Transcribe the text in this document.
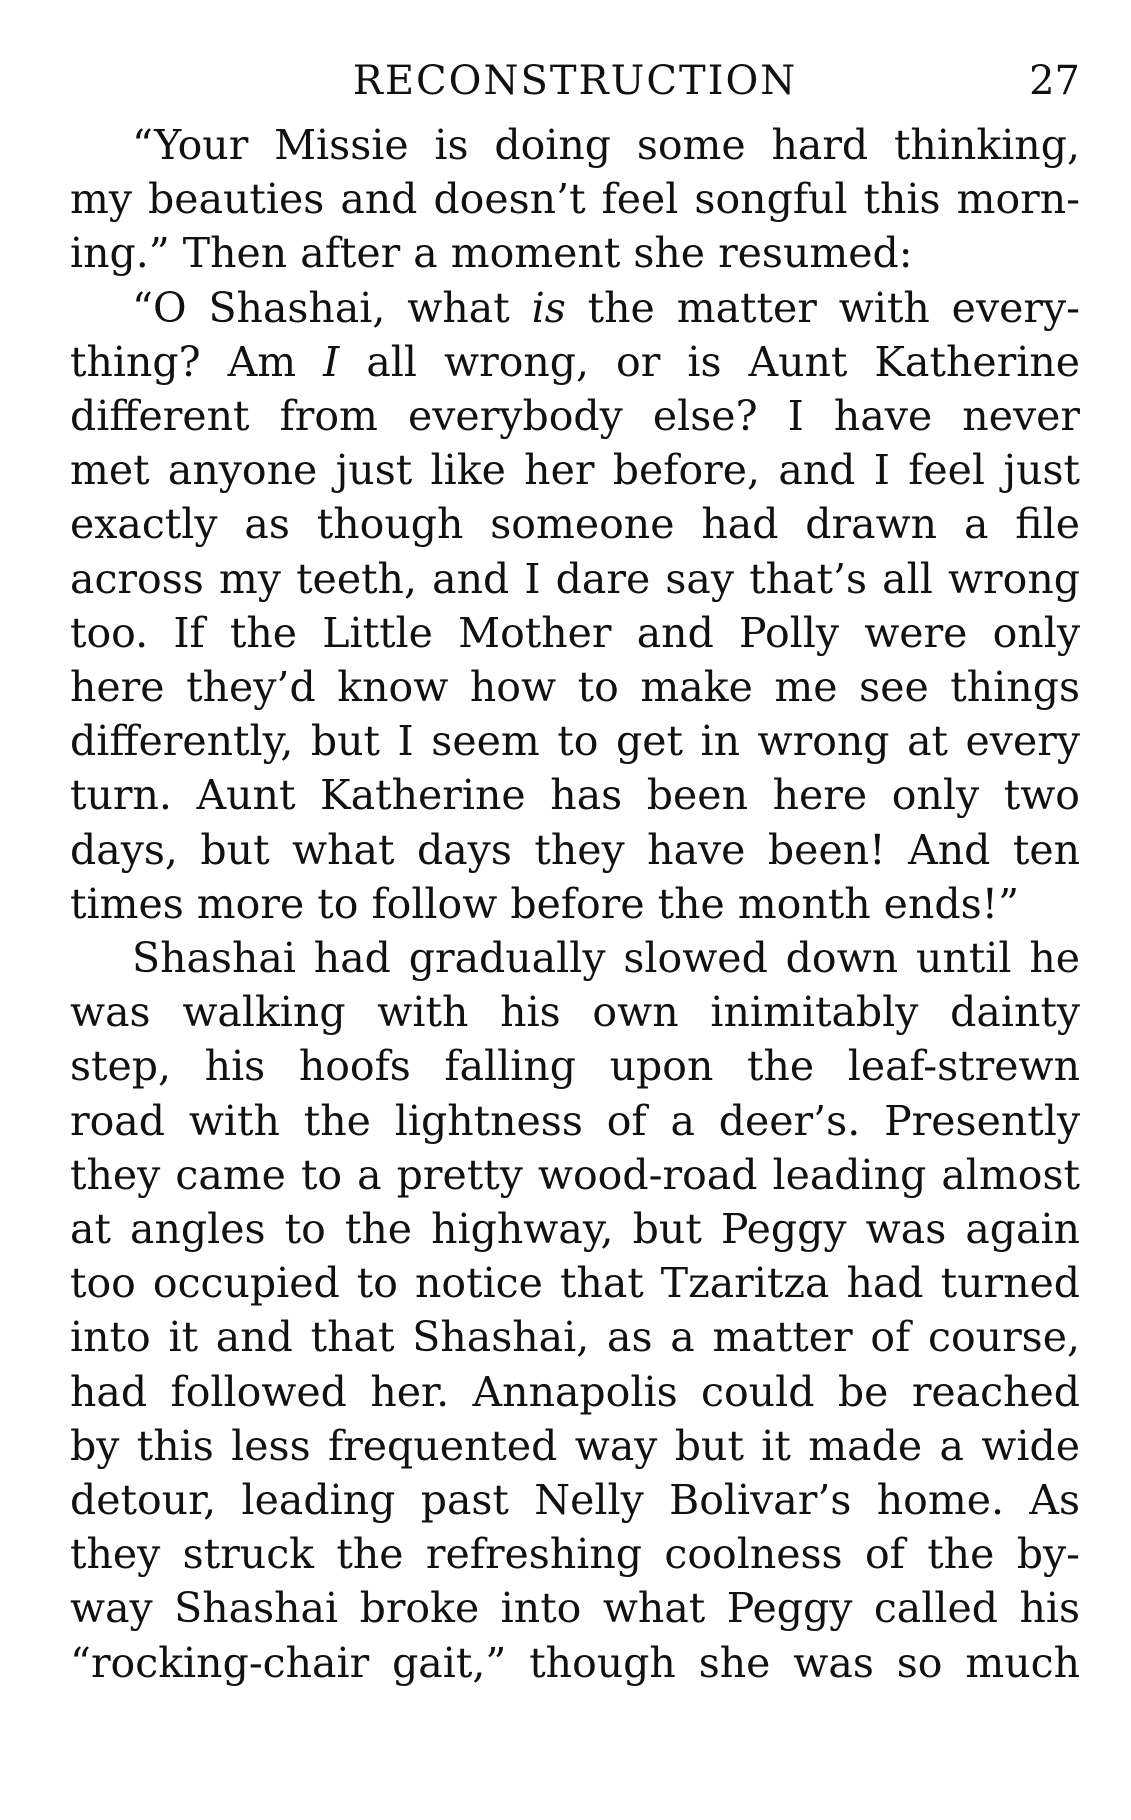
RECONSTRUCTION	27

“Your Missie is doing some hard thinking,
my beauties and doesn’t feel songful this morn-
ing.” Then after a moment she resumed:

“O Shashai, what is the matter with every-
thing? Am I all wrong, or is Aunt Katherine
different from everybody else? I have never
met anyone just like her before, and I feel just
exactly as though someone had drawn a file
across my teeth, and I dare say that’s all wrong
too. If the Little Mother and Polly were only
here they’d know how to make me see things
differently, but I seem to get in wrong at every
turn. Aunt Katherine has been here only two
days, but what days they have been! And ten
times more to follow before the month ends!”

Shashai had gradually slowed down until he
was walking with his own inimitably dainty
step, his hoofs falling upon the leaf-strewn
road with the lightness of a deer’s. Presently
they came to a pretty wood-road leading almost
at angles to the highway, but Peggy was again
too occupied to notice that Tzaritza had turned
into it and that Shashai, as a matter of course,
had followed her. Annapolis could be reached
by this less frequented way but it made a wide
detour, leading past Nelly Bolivar’s home. As
they struck the refreshing coolness of the by-
way Shashai broke into what Peggy called his
“rocking-chair gait,” though she was so much
